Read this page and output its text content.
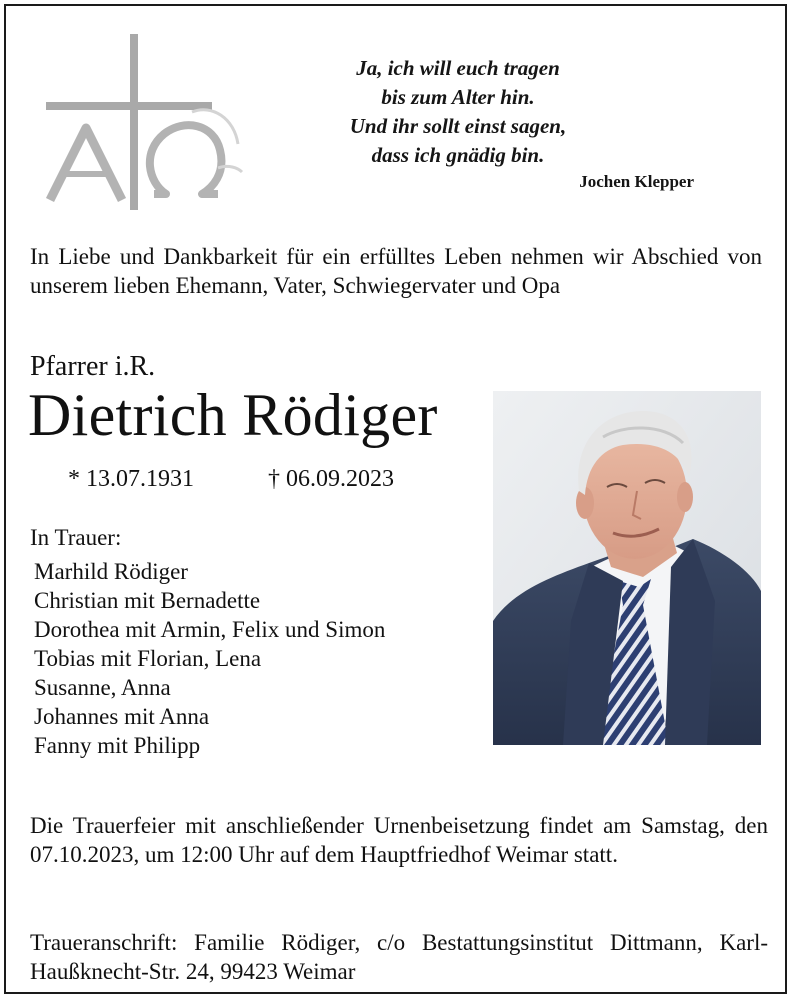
Ja, ich will euch tragen
bis zum Alter hin.
Und ihr sollt einst sagen,
dass ich gnädig bin.
Jochen Klepper

In Liebe und Dankbarkeit für ein erfülltes Leben nehmen wir Abschied von unserem lieben Ehemann, Vater, Schwiegervater und Opa

Pfarrer i.R.
Dietrich Rödiger
* 13.07.1931	† 06.09.2023
In Trauer:
Marhild Rödiger
Christian mit Bernadette
Dorothea mit Armin, Felix und Simon
Tobias mit Florian, Lena
Susanne, Anna
Johannes mit Anna
Fanny mit Philipp

Die Trauerfeier mit anschließender Urnenbeisetzung findet am Samstag, den 07.10.2023, um 12:00 Uhr auf dem Hauptfriedhof Weimar statt.

Traueranschrift: Familie Rödiger, c/o Bestattungsinstitut Dittmann, Karl-Haußknecht-Str. 24, 99423 Weimar
